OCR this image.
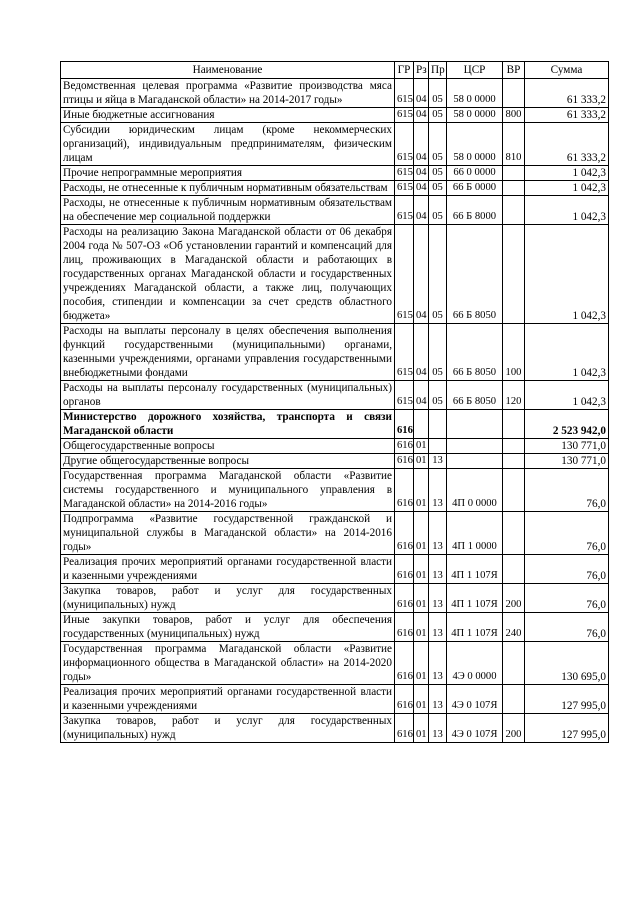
Наименование	ГР	Рз	Пр	ЦСР	ВР	Сумма
Ведомственная целевая программа «Развитие производства мяса птицы и яйца в Магаданской области» на 2014-2017 годы»	615	04	05	58 0 0000		61 333,2
Иные бюджетные ассигнования	615	04	05	58 0 0000	800	61 333,2
Субсидии юридическим лицам (кроме некоммерческих организаций), индивидуальным предпринимателям, физическим лицам	615	04	05	58 0 0000	810	61 333,2
Прочие непрограммные мероприятия	615	04	05	66 0 0000		1 042,3
Расходы, не отнесенные к публичным нормативным обязательствам	615	04	05	66 Б 0000		1 042,3
Расходы, не отнесенные к публичным нормативным обязательствам на обеспечение мер социальной поддержки	615	04	05	66 Б 8000		1 042,3
Расходы на реализацию Закона Магаданской области от 06 декабря 2004 года № 507-ОЗ «Об установлении гарантий и компенсаций для лиц, проживающих в Магаданской области и работающих в государственных органах Магаданской области и государственных учреждениях Магаданской области, а также лиц, получающих пособия, стипендии и компенсации за счет средств областного бюджета»	615	04	05	66 Б 8050		1 042,3
Расходы на выплаты персоналу в целях обеспечения выполнения функций государственными (муниципальными) органами, казенными учреждениями, органами управления государственными внебюджетными фондами	615	04	05	66 Б 8050	100	1 042,3
Расходы на выплаты персоналу государственных (муниципальных) органов	615	04	05	66 Б 8050	120	1 042,3
Министерство дорожного хозяйства, транспорта и связи Магаданской области	616					2 523 942,0
Общегосударственные вопросы	616	01				130 771,0
Другие общегосударственные вопросы	616	01	13			130 771,0
Государственная программа Магаданской области «Развитие системы государственного и муниципального управления в Магаданской области» на 2014-2016 годы»	616	01	13	4П 0 0000		76,0
Подпрограмма «Развитие государственной гражданской и муниципальной службы в Магаданской области» на 2014-2016 годы»	616	01	13	4П 1 0000		76,0
Реализация прочих мероприятий органами государственной власти и казенными учреждениями	616	01	13	4П 1 107Я		76,0
Закупка товаров, работ и услуг для государственных (муниципальных) нужд	616	01	13	4П 1 107Я	200	76,0
Иные закупки товаров, работ и услуг для обеспечения государственных (муниципальных) нужд	616	01	13	4П 1 107Я	240	76,0
Государственная программа Магаданской области «Развитие информационного общества в Магаданской области» на 2014-2020 годы»	616	01	13	4Э 0 0000		130 695,0
Реализация прочих мероприятий органами государственной власти и казенными учреждениями	616	01	13	4Э 0 107Я		127 995,0
Закупка товаров, работ и услуг для государственных (муниципальных) нужд	616	01	13	4Э 0 107Я	200	127 995,0
